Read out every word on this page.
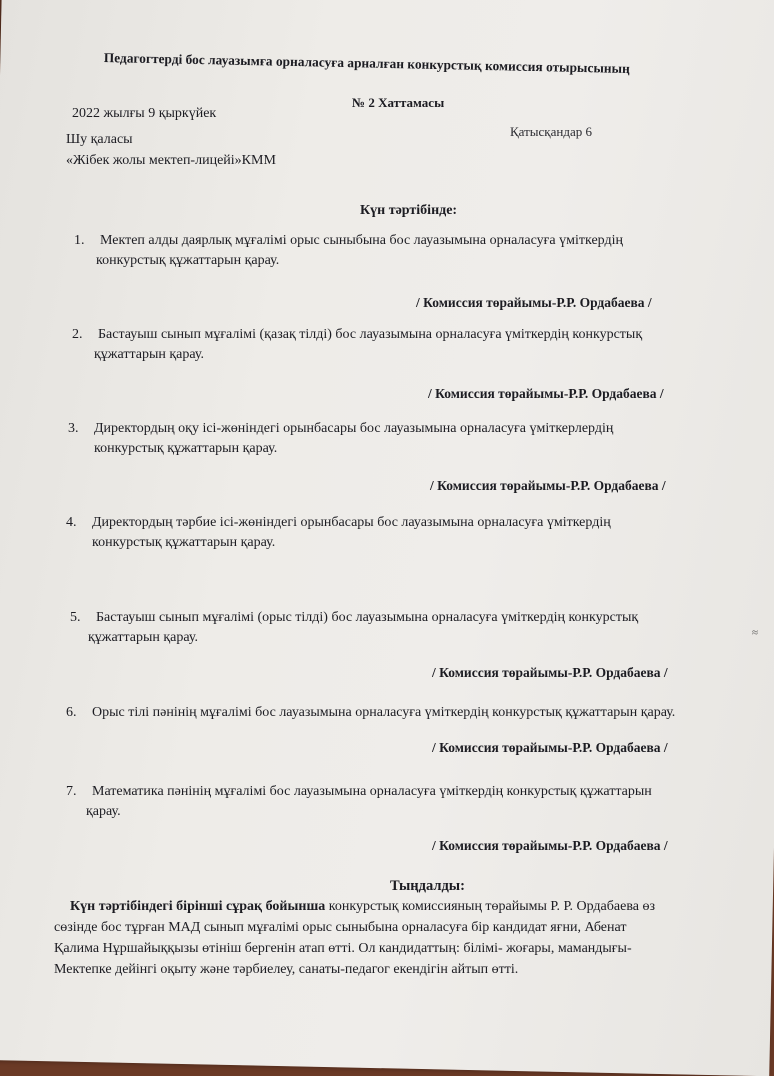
Педагогтерді бос лауазымға орналасуға арналған конкурстық комиссия отырысының
№ 2 Хаттамасы
2022 жылғы 9 қыркүйек
Қатысқандар 6
Шу қаласы
«Жібек жолы мектеп-лицейі»КММ
Күн тәртібінде:
1. Мектеп алды даярлық мұғалімі орыс сыныбына бос лауазымына орналасуға үміткердің
конкурстық құжаттарын қарау.
/ Комиссия төрайымы-Р.Р. Ордабаева /
2. Бастауыш сынып мұғалімі (қазақ тілді) бос лауазымына орналасуға үміткердің конкурстық
құжаттарын қарау.
/ Комиссия төрайымы-Р.Р. Ордабаева /
3. Директордың оқу ісі-жөніндегі орынбасары бос лауазымына орналасуға үміткерлердің
конкурстық құжаттарын қарау.
/ Комиссия төрайымы-Р.Р. Ордабаева /
4. Директордың тәрбие ісі-жөніндегі орынбасары бос лауазымына орналасуға үміткердің
конкурстық құжаттарын қарау.
5. Бастауыш сынып мұғалімі (орыс тілді) бос лауазымына орналасуға үміткердің конкурстық
құжаттарын қарау.
/ Комиссия төрайымы-Р.Р. Ордабаева /
≈
6. Орыс тілі пәнінің мұғалімі бос лауазымына орналасуға үміткердің конкурстық құжаттарын қарау.
/ Комиссия төрайымы-Р.Р. Ордабаева /
7. Математика пәнінің мұғалімі бос лауазымына орналасуға үміткердің конкурстық құжаттарын
қарау.
/ Комиссия төрайымы-Р.Р. Ордабаева /
Тыңдалды:
Күн тәртібіндегі бірінші сұрақ бойынша конкурстық комиссияның төрайымы Р. Р. Ордабаева өз
сөзінде бос тұрған МАД сынып мұғалімі орыс сыныбына орналасуға бір кандидат яғни, Абенат
Қалима Нұршайыққызы өтініш бергенін атап өтті. Ол кандидаттың: білімі- жоғары, мамандығы-
Мектепке дейінгі оқыту және тәрбиелеу, санаты-педагог екендігін айтып өтті.
